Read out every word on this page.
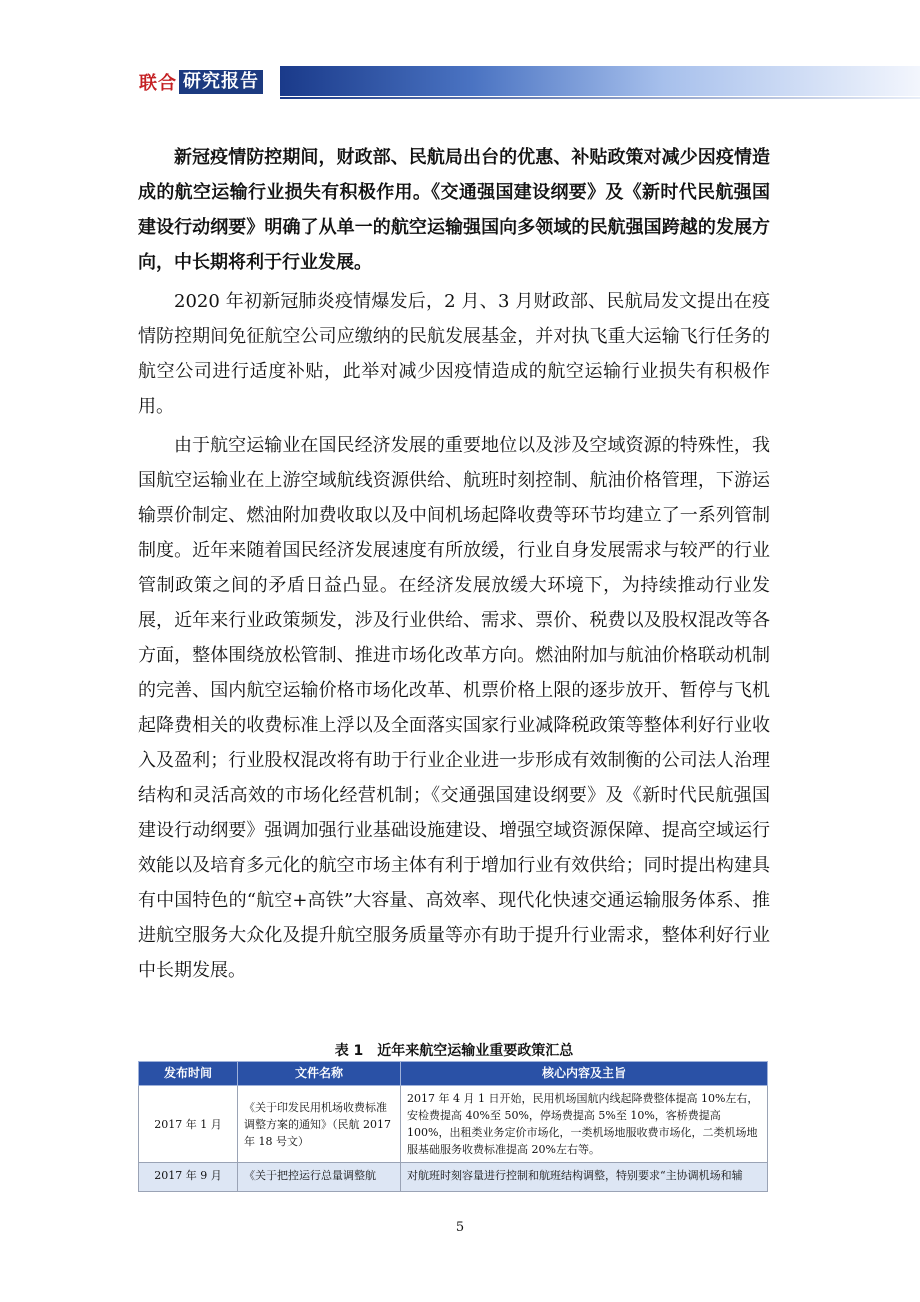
联合 研究报告

新冠疫情防控期间，财政部、民航局出台的优惠、补贴政策对减少因疫情造成的航空运输行业损失有积极作用。《交通强国建设纲要》及《新时代民航强国建设行动纲要》明确了从单一的航空运输强国向多领域的民航强国跨越的发展方向，中长期将利于行业发展。

2020 年初新冠肺炎疫情爆发后，2 月、3 月财政部、民航局发文提出在疫情防控期间免征航空公司应缴纳的民航发展基金，并对执飞重大运输飞行任务的航空公司进行适度补贴，此举对减少因疫情造成的航空运输行业损失有积极作用。

由于航空运输业在国民经济发展的重要地位以及涉及空域资源的特殊性，我国航空运输业在上游空域航线资源供给、航班时刻控制、航油价格管理，下游运输票价制定、燃油附加费收取以及中间机场起降收费等环节均建立了一系列管制制度。近年来随着国民经济发展速度有所放缓，行业自身发展需求与较严的行业管制政策之间的矛盾日益凸显。在经济发展放缓大环境下，为持续推动行业发展，近年来行业政策频发，涉及行业供给、需求、票价、税费以及股权混改等各方面，整体围绕放松管制、推进市场化改革方向。燃油附加与航油价格联动机制的完善、国内航空运输价格市场化改革、机票价格上限的逐步放开、暂停与飞机起降费相关的收费标准上浮以及全面落实国家行业减降税政策等整体利好行业收入及盈利；行业股权混改将有助于行业企业进一步形成有效制衡的公司法人治理结构和灵活高效的市场化经营机制；《交通强国建设纲要》及《新时代民航强国建设行动纲要》强调加强行业基础设施建设、增强空域资源保障、提高空域运行效能以及培育多元化的航空市场主体有利于增加行业有效供给；同时提出构建具有中国特色的“航空+高铁”大容量、高效率、现代化快速交通运输服务体系、推进航空服务大众化及提升航空服务质量等亦有助于提升行业需求，整体利好行业中长期发展。

表 1　近年来航空运输业重要政策汇总
发布时间	文件名称	核心内容及主旨
2017 年 1 月	《关于印发民用机场收费标准调整方案的通知》（民航 2017 年 18 号文）	2017 年 4 月 1 日开始，民用机场国航内线起降费整体提高 10%左右，安检费提高 40%至 50%，停场费提高 5%至 10%，客桥费提高 100%，出租类业务定价市场化，一类机场地服收费市场化，二类机场地服基础服务收费标准提高 20%左右等。

2017 年 9 月	《关于把控运行总量调整航	对航班时刻容量进行控制和航班结构调整，特别要求“主协调机场和辅
5
